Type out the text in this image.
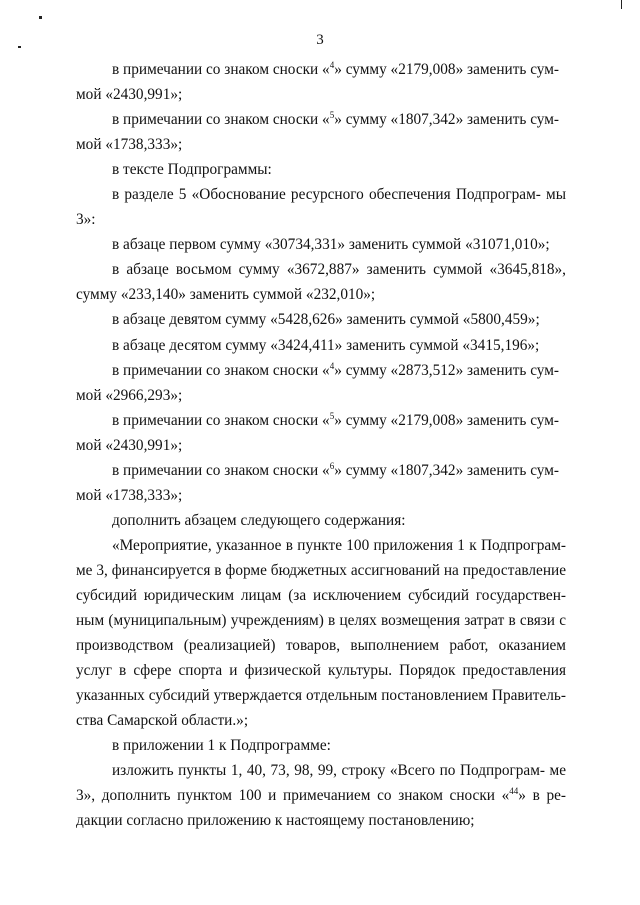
3

в примечании со знаком сноски «$^4$» сумму «2179,008» заменить сум-

мой «2430,991»;

в примечании со знаком сноски «$^5$» сумму «1807,342» заменить сум-

мой «1738,333»;

в тексте Подпрограммы:

в разделе 5 «Обоснование ресурсного обеспечения Подпрограм- мы 3»:

в абзаце первом сумму «30734,331» заменить суммой «31071,010»;

в абзаце восьмом сумму «3672,887» заменить суммой «3645,818», сумму «233,140» заменить суммой «232,010»;

в абзаце девятом сумму «5428,626» заменить суммой «5800,459»;

в абзаце десятом сумму «3424,411» заменить суммой «3415,196»;

в примечании со знаком сноски «$^4$» сумму «2873,512» заменить сум-

мой «2966,293»;

в примечании со знаком сноски «$^5$» сумму «2179,008» заменить сум-

мой «2430,991»;

в примечании со знаком сноски «$^6$» сумму «1807,342» заменить сум-

мой «1738,333»;

дополнить абзацем следующего содержания:

«Мероприятие, указанное в пункте 100 приложения 1 к Подпрограм- ме 3, финансируется в форме бюджетных ассигнований на предоставление субсидий юридическим лицам (за исключением субсидий государствен- ным (муниципальным) учреждениям) в целях возмещения затрат в связи с производством (реализацией) товаров, выполнением работ, оказанием услуг в сфере спорта и физической культуры. Порядок предоставления указанных субсидий утверждается отдельным постановлением Правитель- ства Самарской области.»;

в приложении 1 к Подпрограмме:

изложить пункты 1, 40, 73, 98, 99, строку «Всего по Подпрограм- ме 3», дополнить пунктом 100 и примечанием со знаком сноски «$^{44}$» в ре- дакции согласно приложению к настоящему постановлению;
